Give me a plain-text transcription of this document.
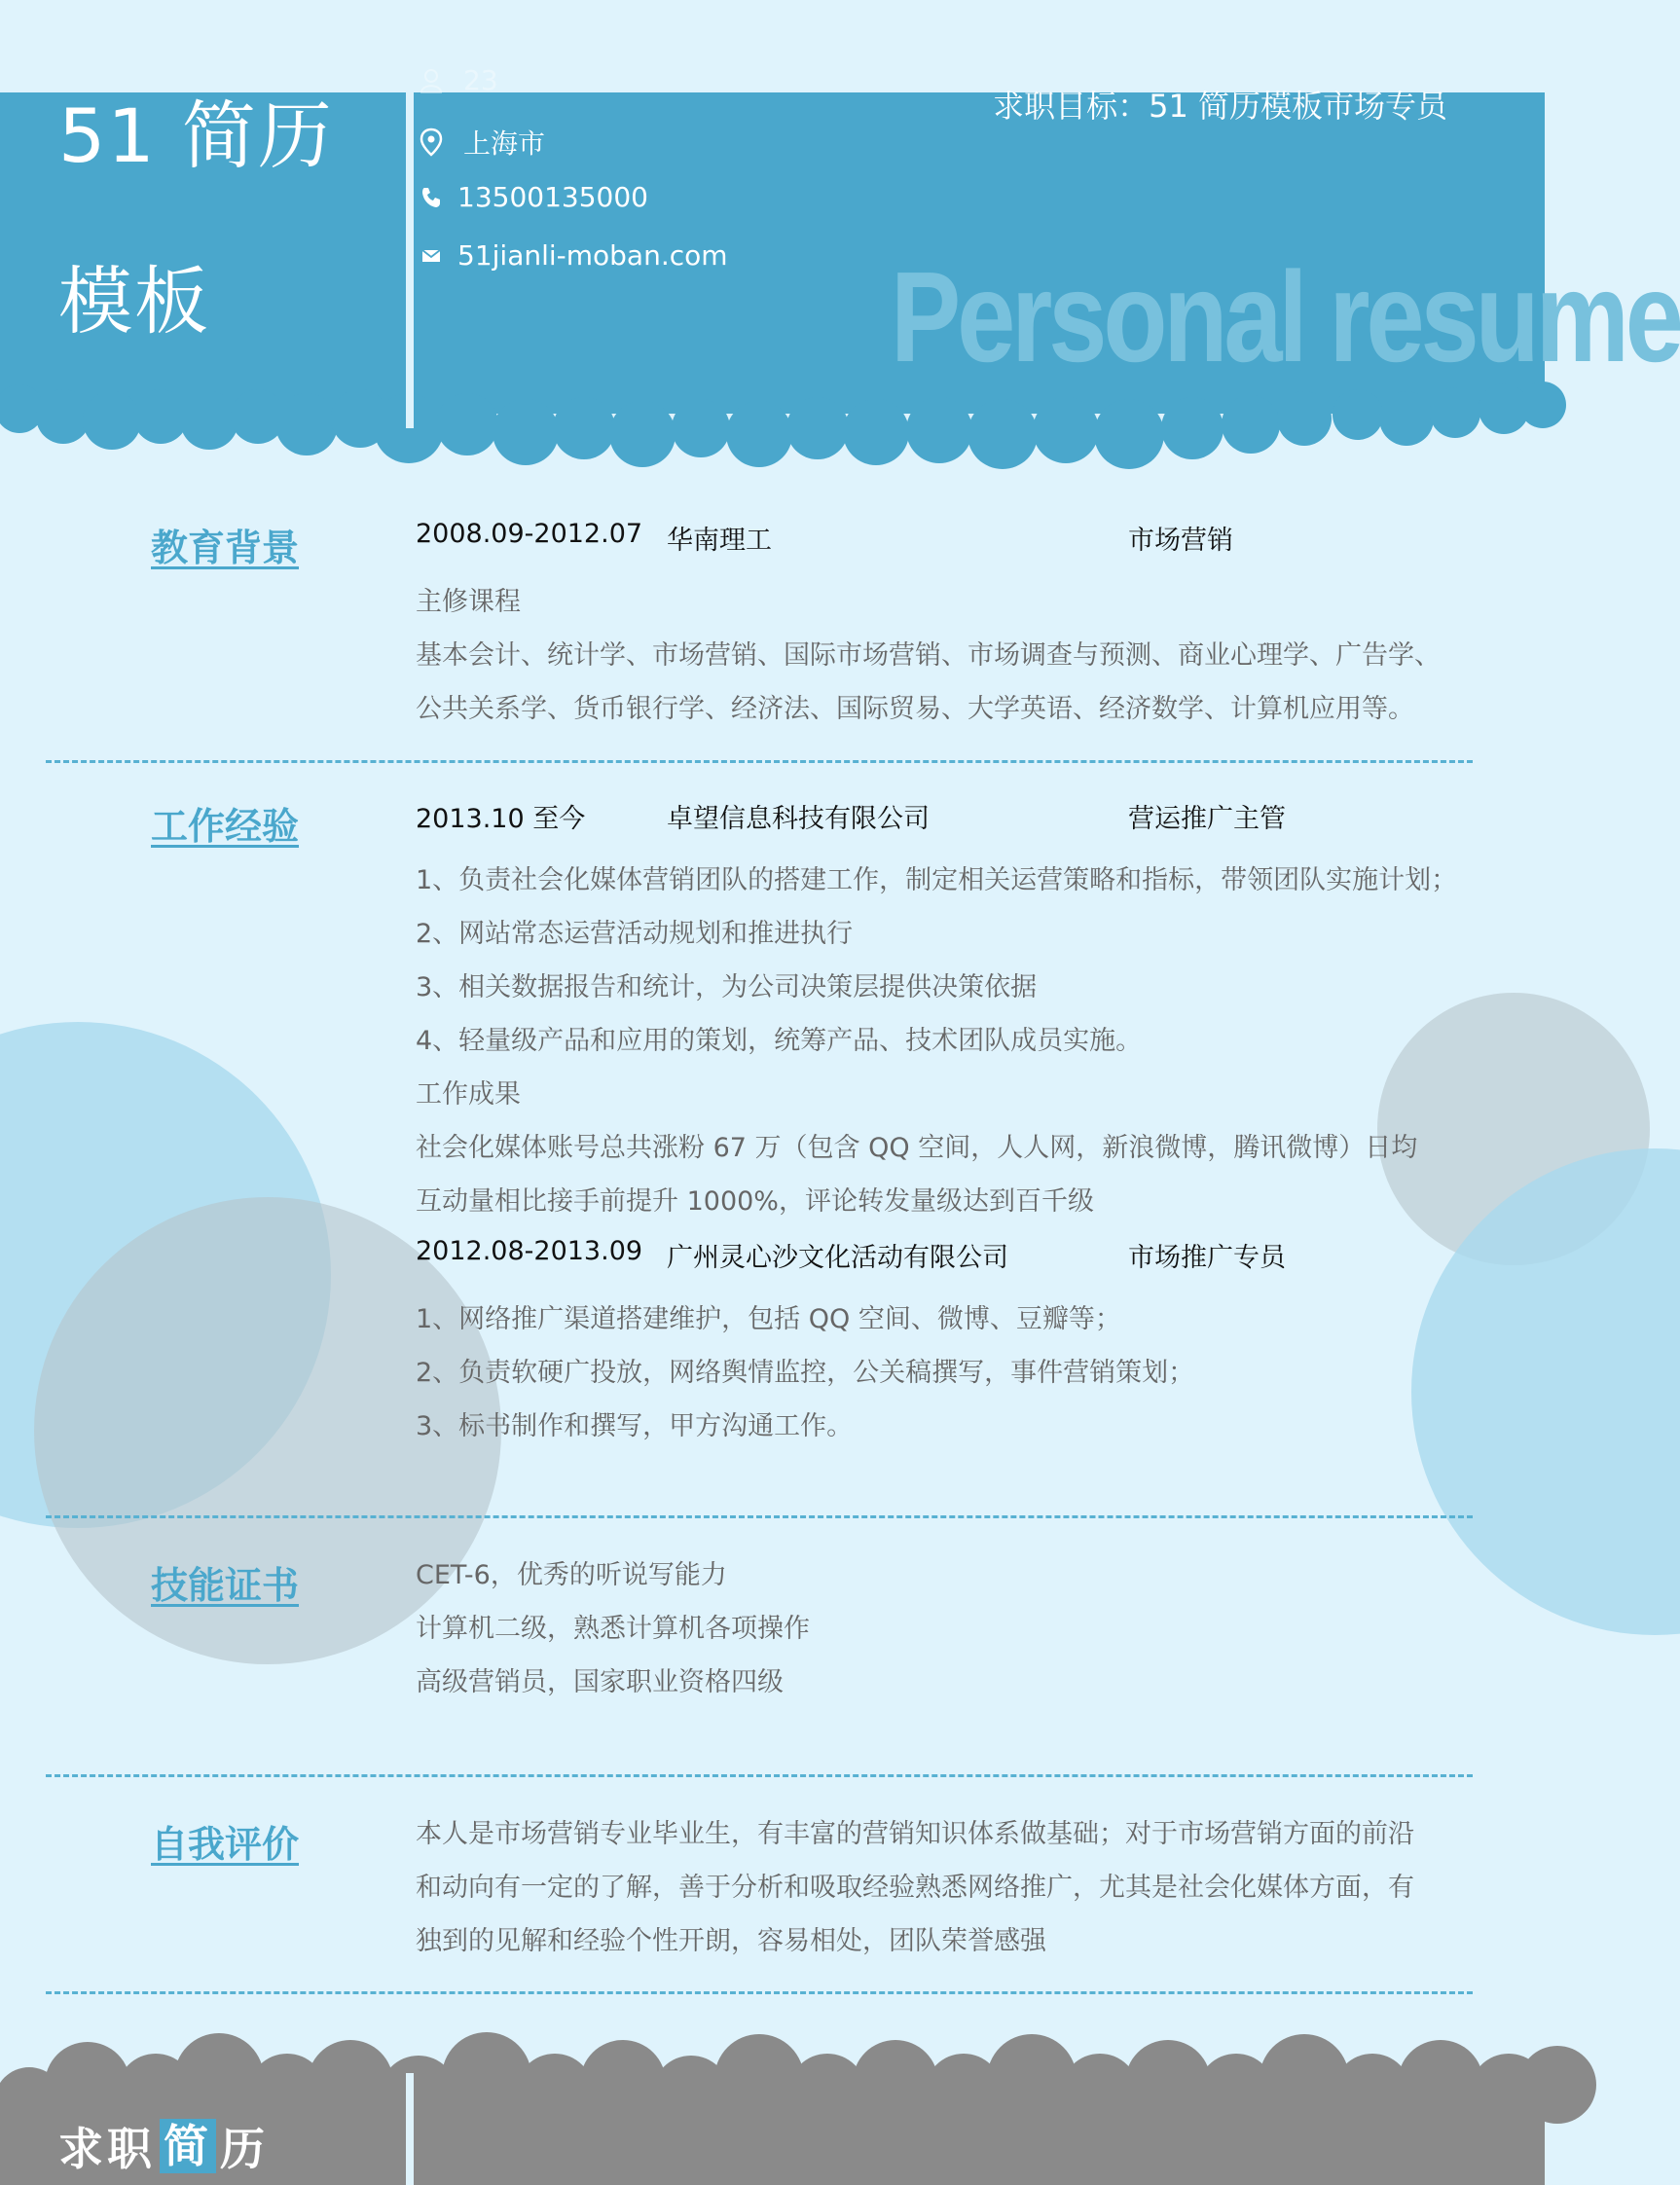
51 简历模板
23
上海市
13500135000
51jianli-moban.com
求职目标：51 简历模板市场专员
Personal resume
教育背景	2008.09-2012.07 华南理工	市场营销
主修课程
基本会计、统计学、市场营销、国际市场营销、市场调查与预测、商业心理学、广告学、
公共关系学、货币银行学、经济法、国际贸易、大学英语、经济数学、计算机应用等。
工作经验	2013.10 至今	卓望信息科技有限公司	营运推广主管
1、负责社会化媒体营销团队的搭建工作，制定相关运营策略和指标，带领团队实施计划；
2、网站常态运营活动规划和推进执行
3、相关数据报告和统计，为公司决策层提供决策依据
4、轻量级产品和应用的策划，统筹产品、技术团队成员实施。
工作成果
社会化媒体账号总共涨粉 67 万（包含 QQ 空间，人人网，新浪微博，腾讯微博）日均
互动量相比接手前提升 1000%，评论转发量级达到百千级
2012.08-2013.09 广州灵心沙文化活动有限公司	市场推广专员
1、网络推广渠道搭建维护，包括 QQ 空间、微博、豆瓣等；
2、负责软硬广投放，网络舆情监控，公关稿撰写，事件营销策划；
3、标书制作和撰写，甲方沟通工作。
技能证书	CET-6，优秀的听说写能力
计算机二级，熟悉计算机各项操作
高级营销员，国家职业资格四级
自我评价	本人是市场营销专业毕业生，有丰富的营销知识体系做基础；对于市场营销方面的前沿
和动向有一定的了解，善于分析和吸取经验熟悉网络推广，尤其是社会化媒体方面，有
独到的见解和经验个性开朗，容易相处，团队荣誉感强
求职 简 历
